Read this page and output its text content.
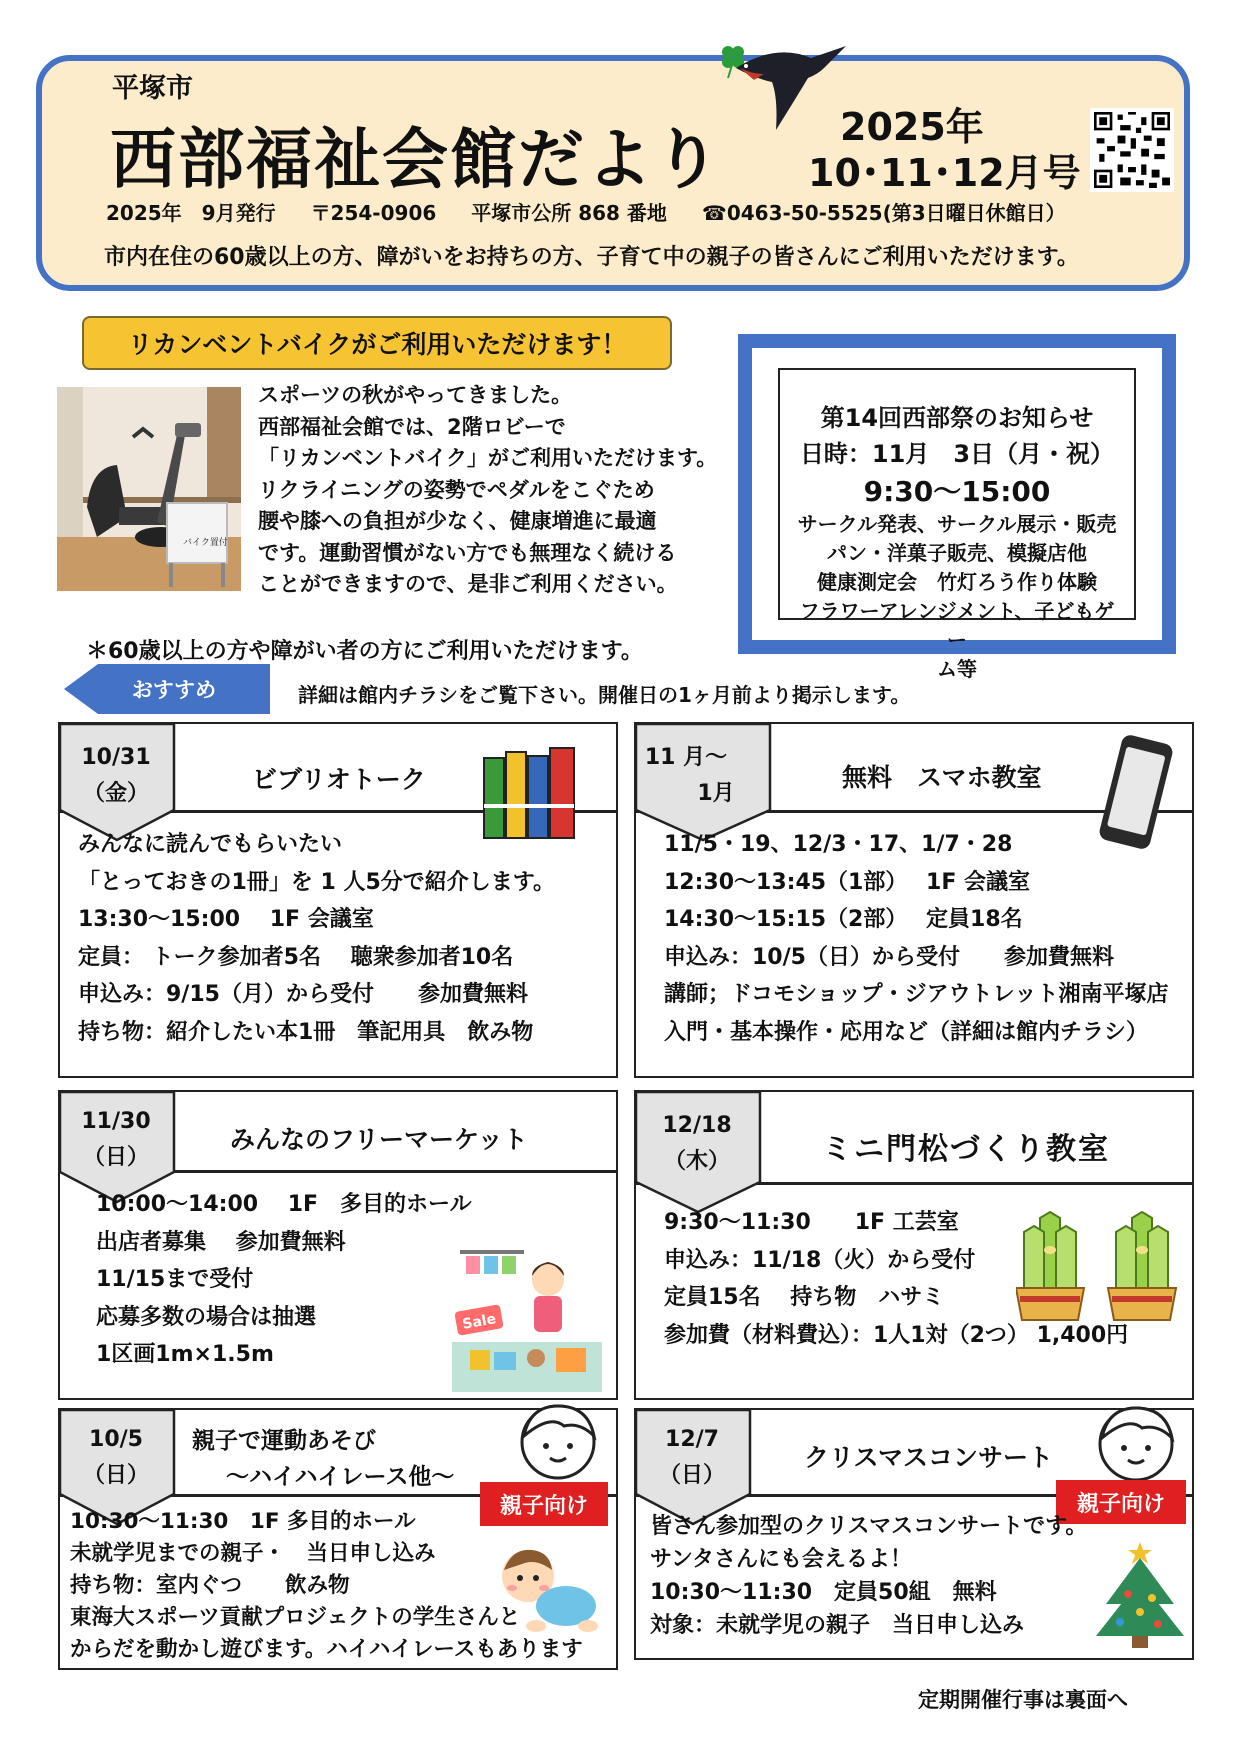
平塚市
西部福祉会館だより	2025年
10･11･12月号
2025年　9月発行 〒254-0906 平塚市公所 868 番地 ☎0463-50-5525(第3日曜日休館日）
市内在住の60歳以上の方、障がいをお持ちの方、子育て中の親子の皆さんにご利用いただけます。
リカンベントバイクがご利用いただけます！
バイク置付
スポーツの秋がやってきました。
西部福祉会館では、2階ロビーで
「リカンベントバイク」がご利用いただけます。
リクライニングの姿勢でペダルをこぐため
腰や膝への負担が少なく、健康増進に最適
です。運動習慣がない方でも無理なく続ける
ことができますので、是非ご利用ください。
＊60歳以上の方や障がい者の方にご利用いただけます。
第14回西部祭のお知らせ
日時：11月　3日（月・祝）
9:30～15:00
サークル発表、サークル展示・販売
パン・洋菓子販売、模擬店他
健康測定会　竹灯ろう作り体験
フラワーアレンジメント、子どもゲー
ム等
おすすめ	詳細は館内チラシをご覧下さい。開催日の1ヶ月前より掲示します。
10/31
（金）	ビブリオトーク
みんなに読んでもらいたい
「とっておきの1冊」を 1 人5分で紹介します。
13:30～15:00　 1F 会議室
定員： トーク参加者5名　 聴衆参加者10名
申込み：9/15（月）から受付　　参加費無料
持ち物：紹介したい本1冊　筆記用具　飲み物
11 月～
1月
無料　スマホ教室
11/5・19、12/3・17、1/7・28
12:30～13:45（1部）　 1F 会議室
14:30～15:15（2部）　 定員18名
申込み：10/5（日）から受付　　参加費無料
講師；ドコモショップ・ジアウトレット湘南平塚店
入門・基本操作・応用など（詳細は館内チラシ）
11/30
（日）
みんなのフリーマーケット
Sale
10:00～14:00　 1F　多目的ホール
出店者募集　 参加費無料
11/15まで受付
応募多数の場合は抽選
1区画1m×1.5m
12/18
（木）	ミニ門松づくり教室
9:30～11:30　　1F 工芸室
申込み：11/18（火）から受付
定員15名　 持ち物　ハサミ
参加費（材料費込）：1人1対（2つ） 1,400円
10/5
（日）
親子で運動あそび
～ハイハイレース他～
親子向け
10:30～11:30　1F 多目的ホール
未就学児までの親子・　当日申し込み
持ち物：室内ぐつ　　飲み物
東海大スポーツ貢献プロジェクトの学生さんと
からだを動かし遊びます。ハイハイレースもあります
12/7
（日）
クリスマスコンサート
親子向け
皆さん参加型のクリスマスコンサートです。
サンタさんにも会えるよ！
10:30～11:30　定員50組　無料
対象：未就学児の親子　当日申し込み
定期開催行事は裏面へ
